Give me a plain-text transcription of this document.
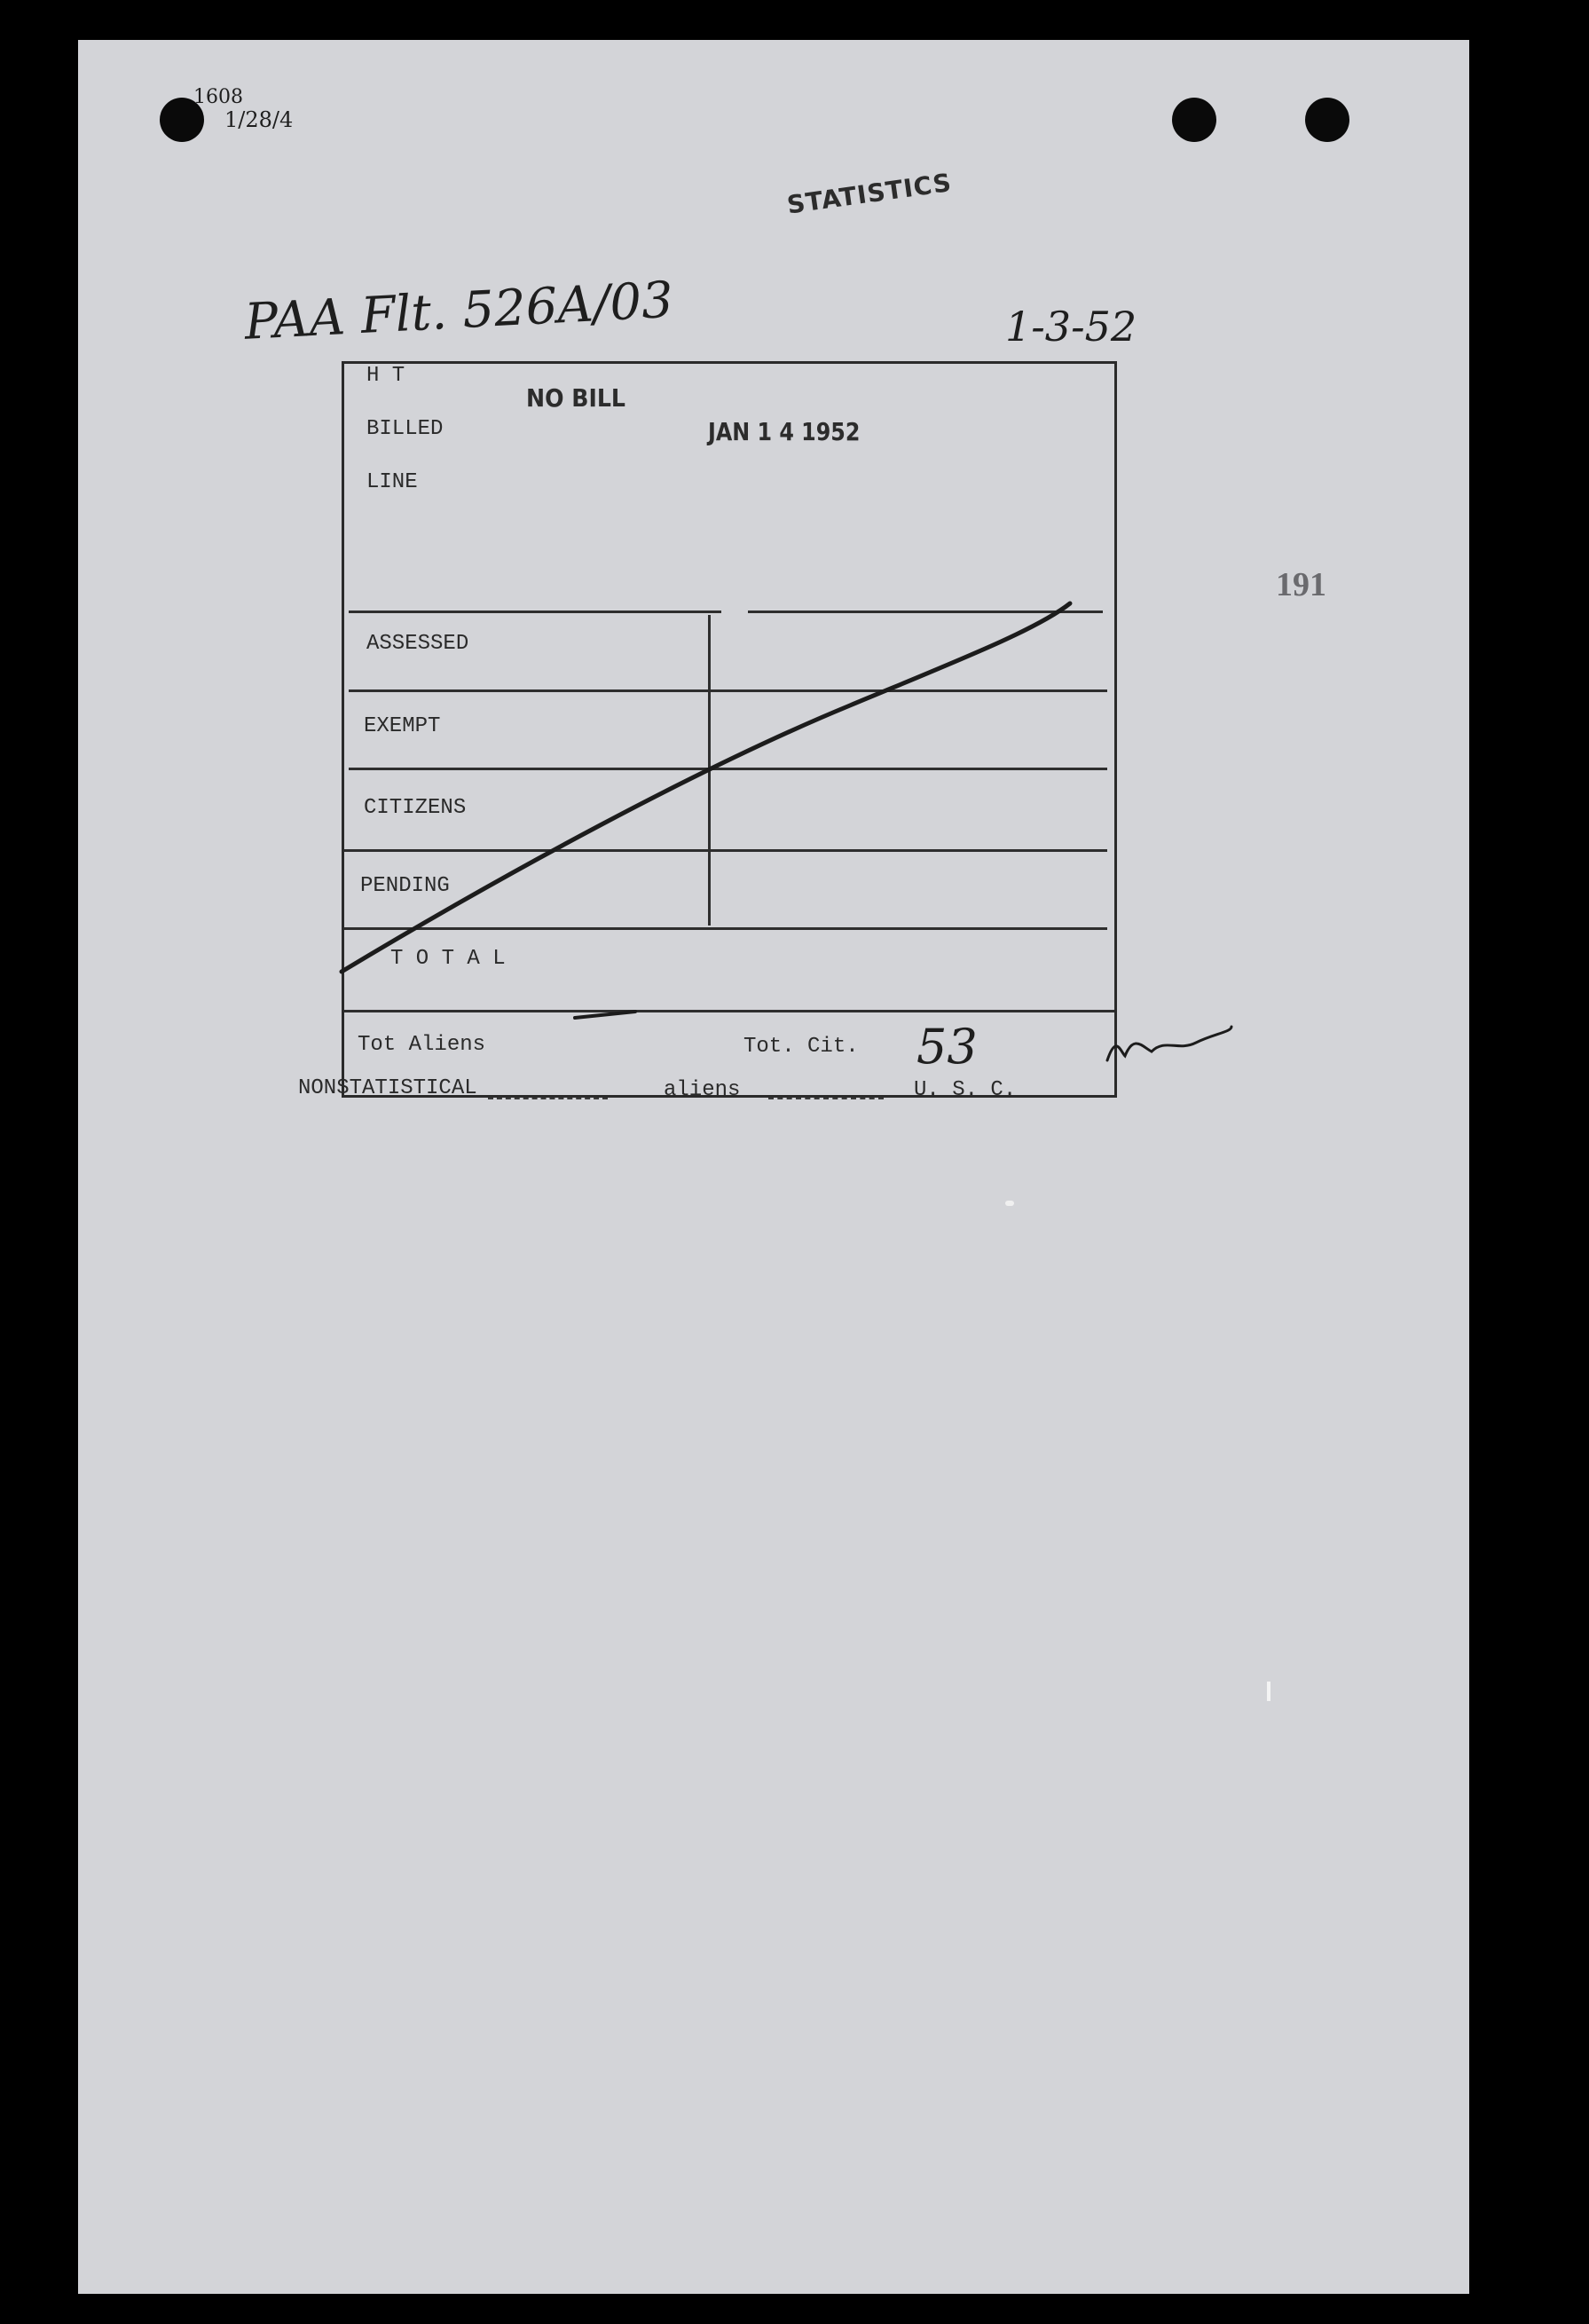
1608
1/28/4
STATISTICS
PAA Flt. 526A/03	1-3-52
191
H T
NO BILL
BILLED	JAN 1 4 1952
LINE
ASSESSED
EXEMPT
CITIZENS
PENDING
T O T A L
Tot Aliens	Tot. Cit. 53
NONSTATISTICAL	aliens	U. S. C.
